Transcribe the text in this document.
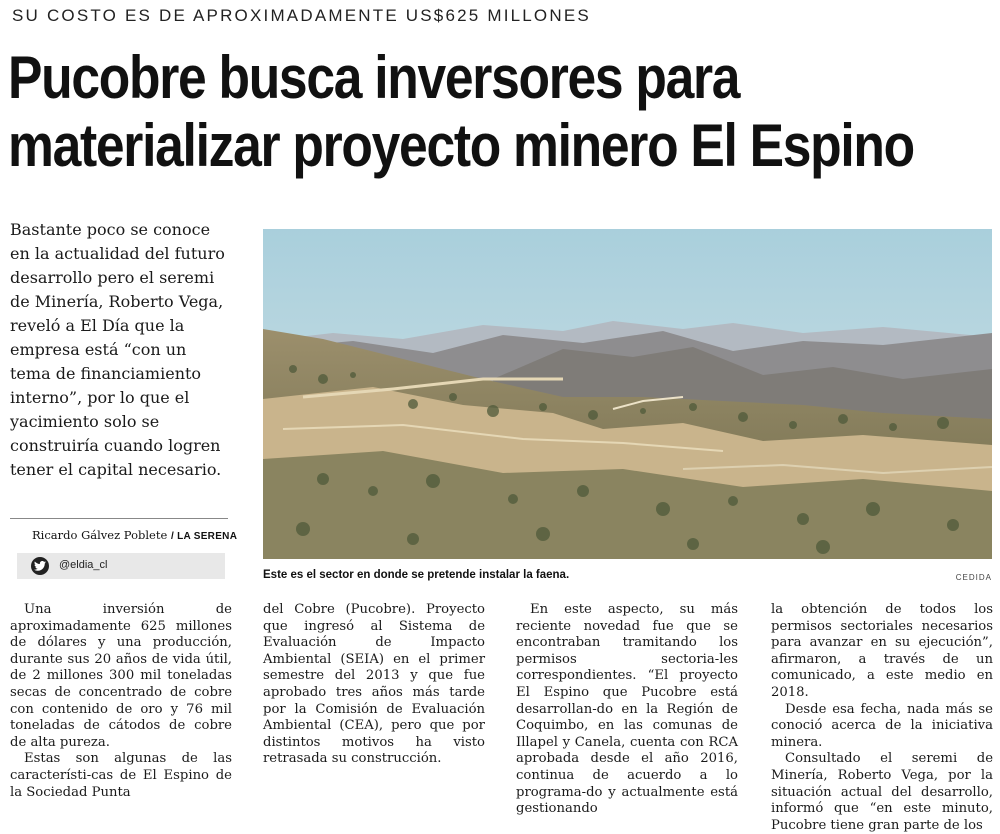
SU COSTO ES DE APROXIMADAMENTE US$625 MILLONES
Pucobre busca inversores para
materializar proyecto minero El Espino
Bastante poco se conoce en la actualidad del futuro desarrollo pero el seremi de Minería, Roberto Vega, reveló a El Día que la empresa está “con un tema de financiamiento interno”, por lo que el yacimiento solo se construiría cuando logren tener el capital necesario.
Ricardo Gálvez Poblete / LA SERENA
@eldia_cl
Este es el sector en donde se pretende instalar la faena.	CEDIDA

Una inversión de aproximadamente 625 millones de dólares y una producción, durante sus 20 años de vida útil, de 2 millones 300 mil toneladas secas de concentrado de cobre con contenido de oro y 76 mil toneladas de cátodos de cobre de alta pureza.

Estas son algunas de las característi-cas de El Espino de la Sociedad Punta

del Cobre (Pucobre). Proyecto que ingresó al Sistema de Evaluación de Impacto Ambiental (SEIA) en el primer semestre del 2013 y que fue aprobado tres años más tarde por la Comisión de Evaluación Ambiental (CEA), pero que por distintos motivos ha visto retrasada su construcción.

En este aspecto, su más reciente novedad fue que se encontraban tramitando los permisos sectoria-les correspondientes. “El proyecto El Espino que Pucobre está desarrollan-do en la Región de Coquimbo, en las comunas de Illapel y Canela, cuenta con RCA aprobada desde el año 2016, continua de acuerdo a lo programa-do y actualmente está gestionando

la obtención de todos los permisos sectoriales necesarios para avanzar en su ejecución”, afirmaron, a través de un comunicado, a este medio en 2018.

Desde esa fecha, nada más se conoció acerca de la iniciativa minera.

Consultado el seremi de Minería, Roberto Vega, por la situación actual del desarrollo, informó que “en este minuto, Pucobre tiene gran parte de los
